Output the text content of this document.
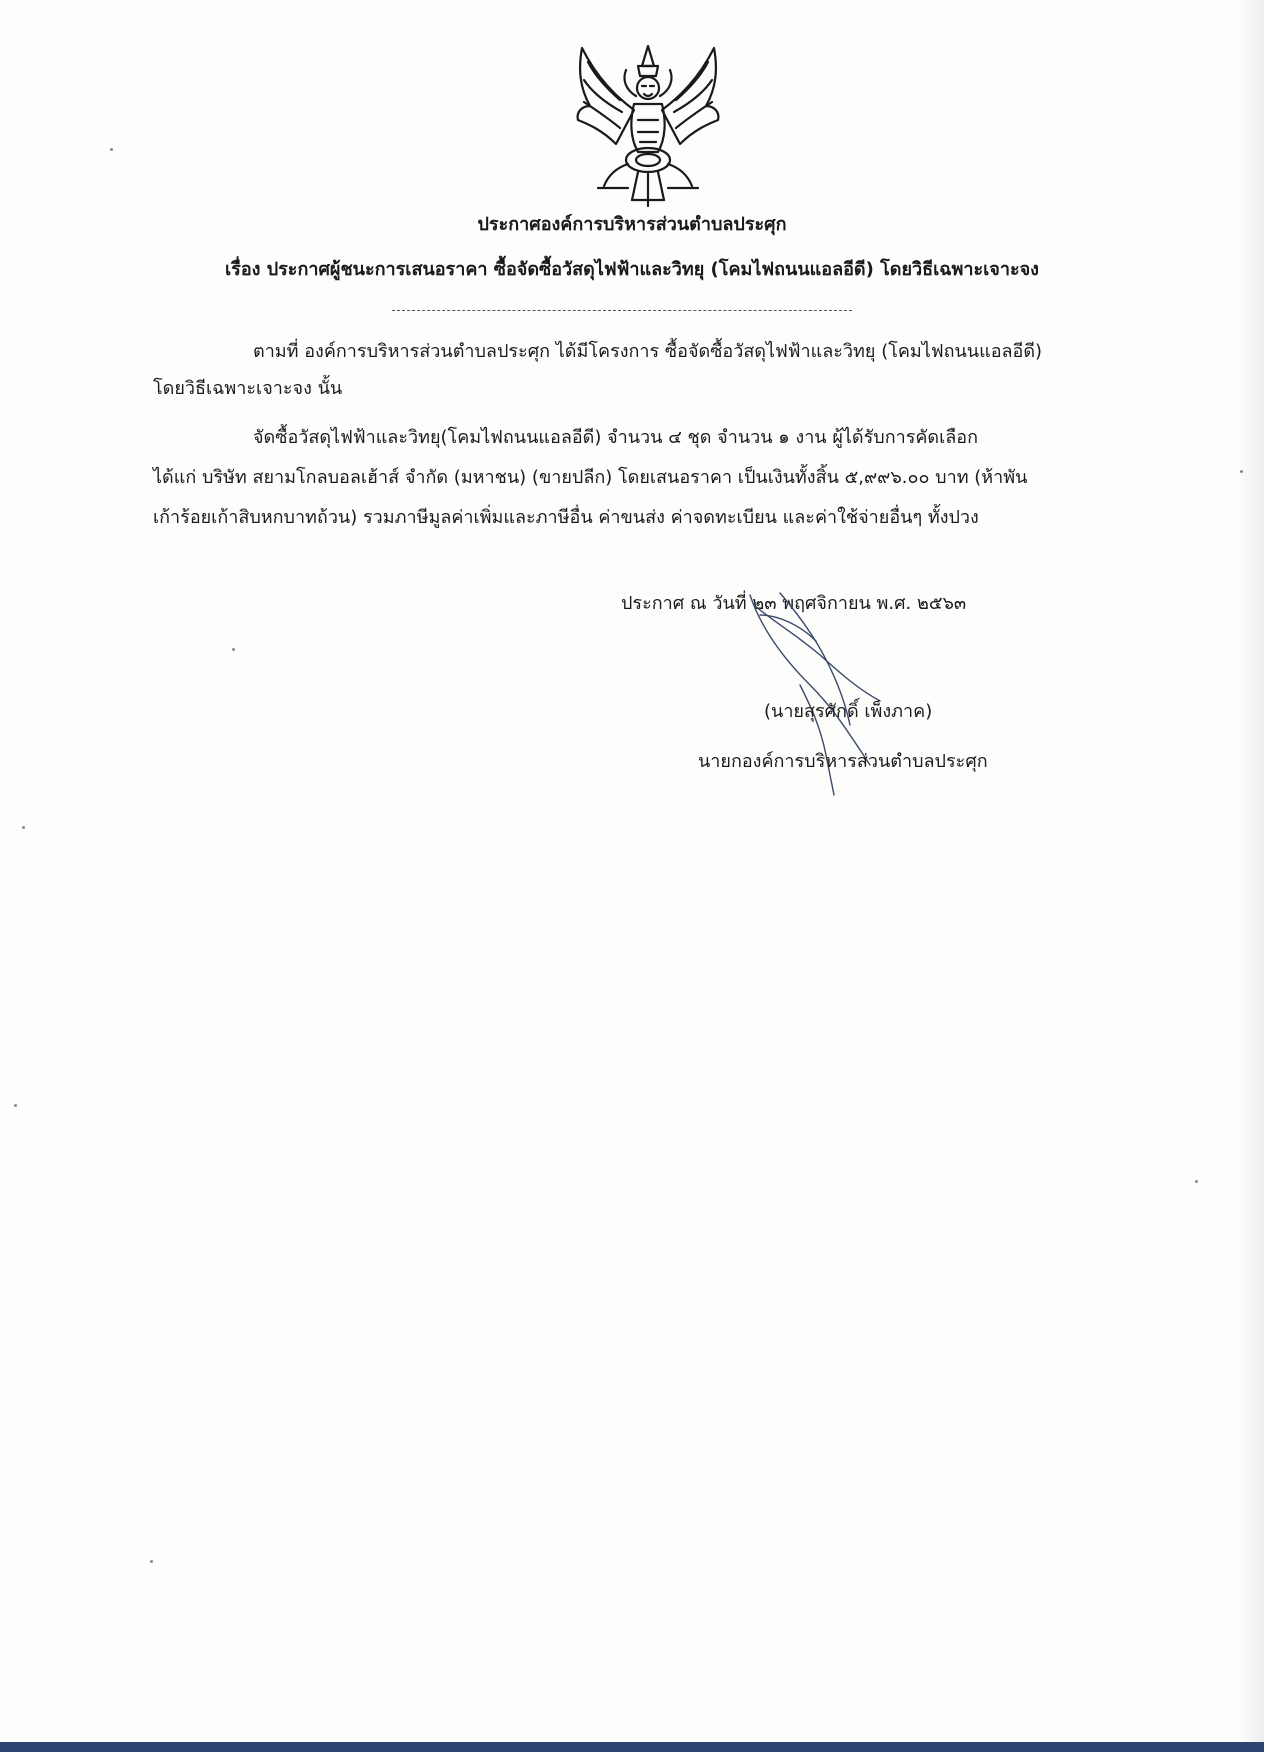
ประกาศองค์การบริหารส่วนตำบลประศุก
เรื่อง ประกาศผู้ชนะการเสนอราคา ซื้อจัดซื้อวัสดุไฟฟ้าและวิทยุ (โคมไฟถนนแอลอีดี) โดยวิธีเฉพาะเจาะจง
ตามที่ องค์การบริหารส่วนตำบลประศุก ได้มีโครงการ ซื้อจัดซื้อวัสดุไฟฟ้าและวิทยุ (โคมไฟถนนแอลอีดี)
โดยวิธีเฉพาะเจาะจง นั้น
จัดซื้อวัสดุไฟฟ้าและวิทยุ(โคมไฟถนนแอลอีดี) จำนวน ๔ ชุด จำนวน ๑ งาน ผู้ได้รับการคัดเลือก
ได้แก่ บริษัท สยามโกลบอลเฮ้าส์ จำกัด (มหาชน) (ขายปลีก) โดยเสนอราคา เป็นเงินทั้งสิ้น ๕,๙๙๖.๐๐ บาท (ห้าพัน
เก้าร้อยเก้าสิบหกบาทถ้วน) รวมภาษีมูลค่าเพิ่มและภาษีอื่น ค่าขนส่ง ค่าจดทะเบียน และค่าใช้จ่ายอื่นๆ ทั้งปวง
ประกาศ ณ วันที่ ๒๓ พฤศจิกายน พ.ศ. ๒๕๖๓
(นายสุรศักดิ์ เพ็งภาค)
นายกองค์การบริหารส่วนตำบลประศุก
